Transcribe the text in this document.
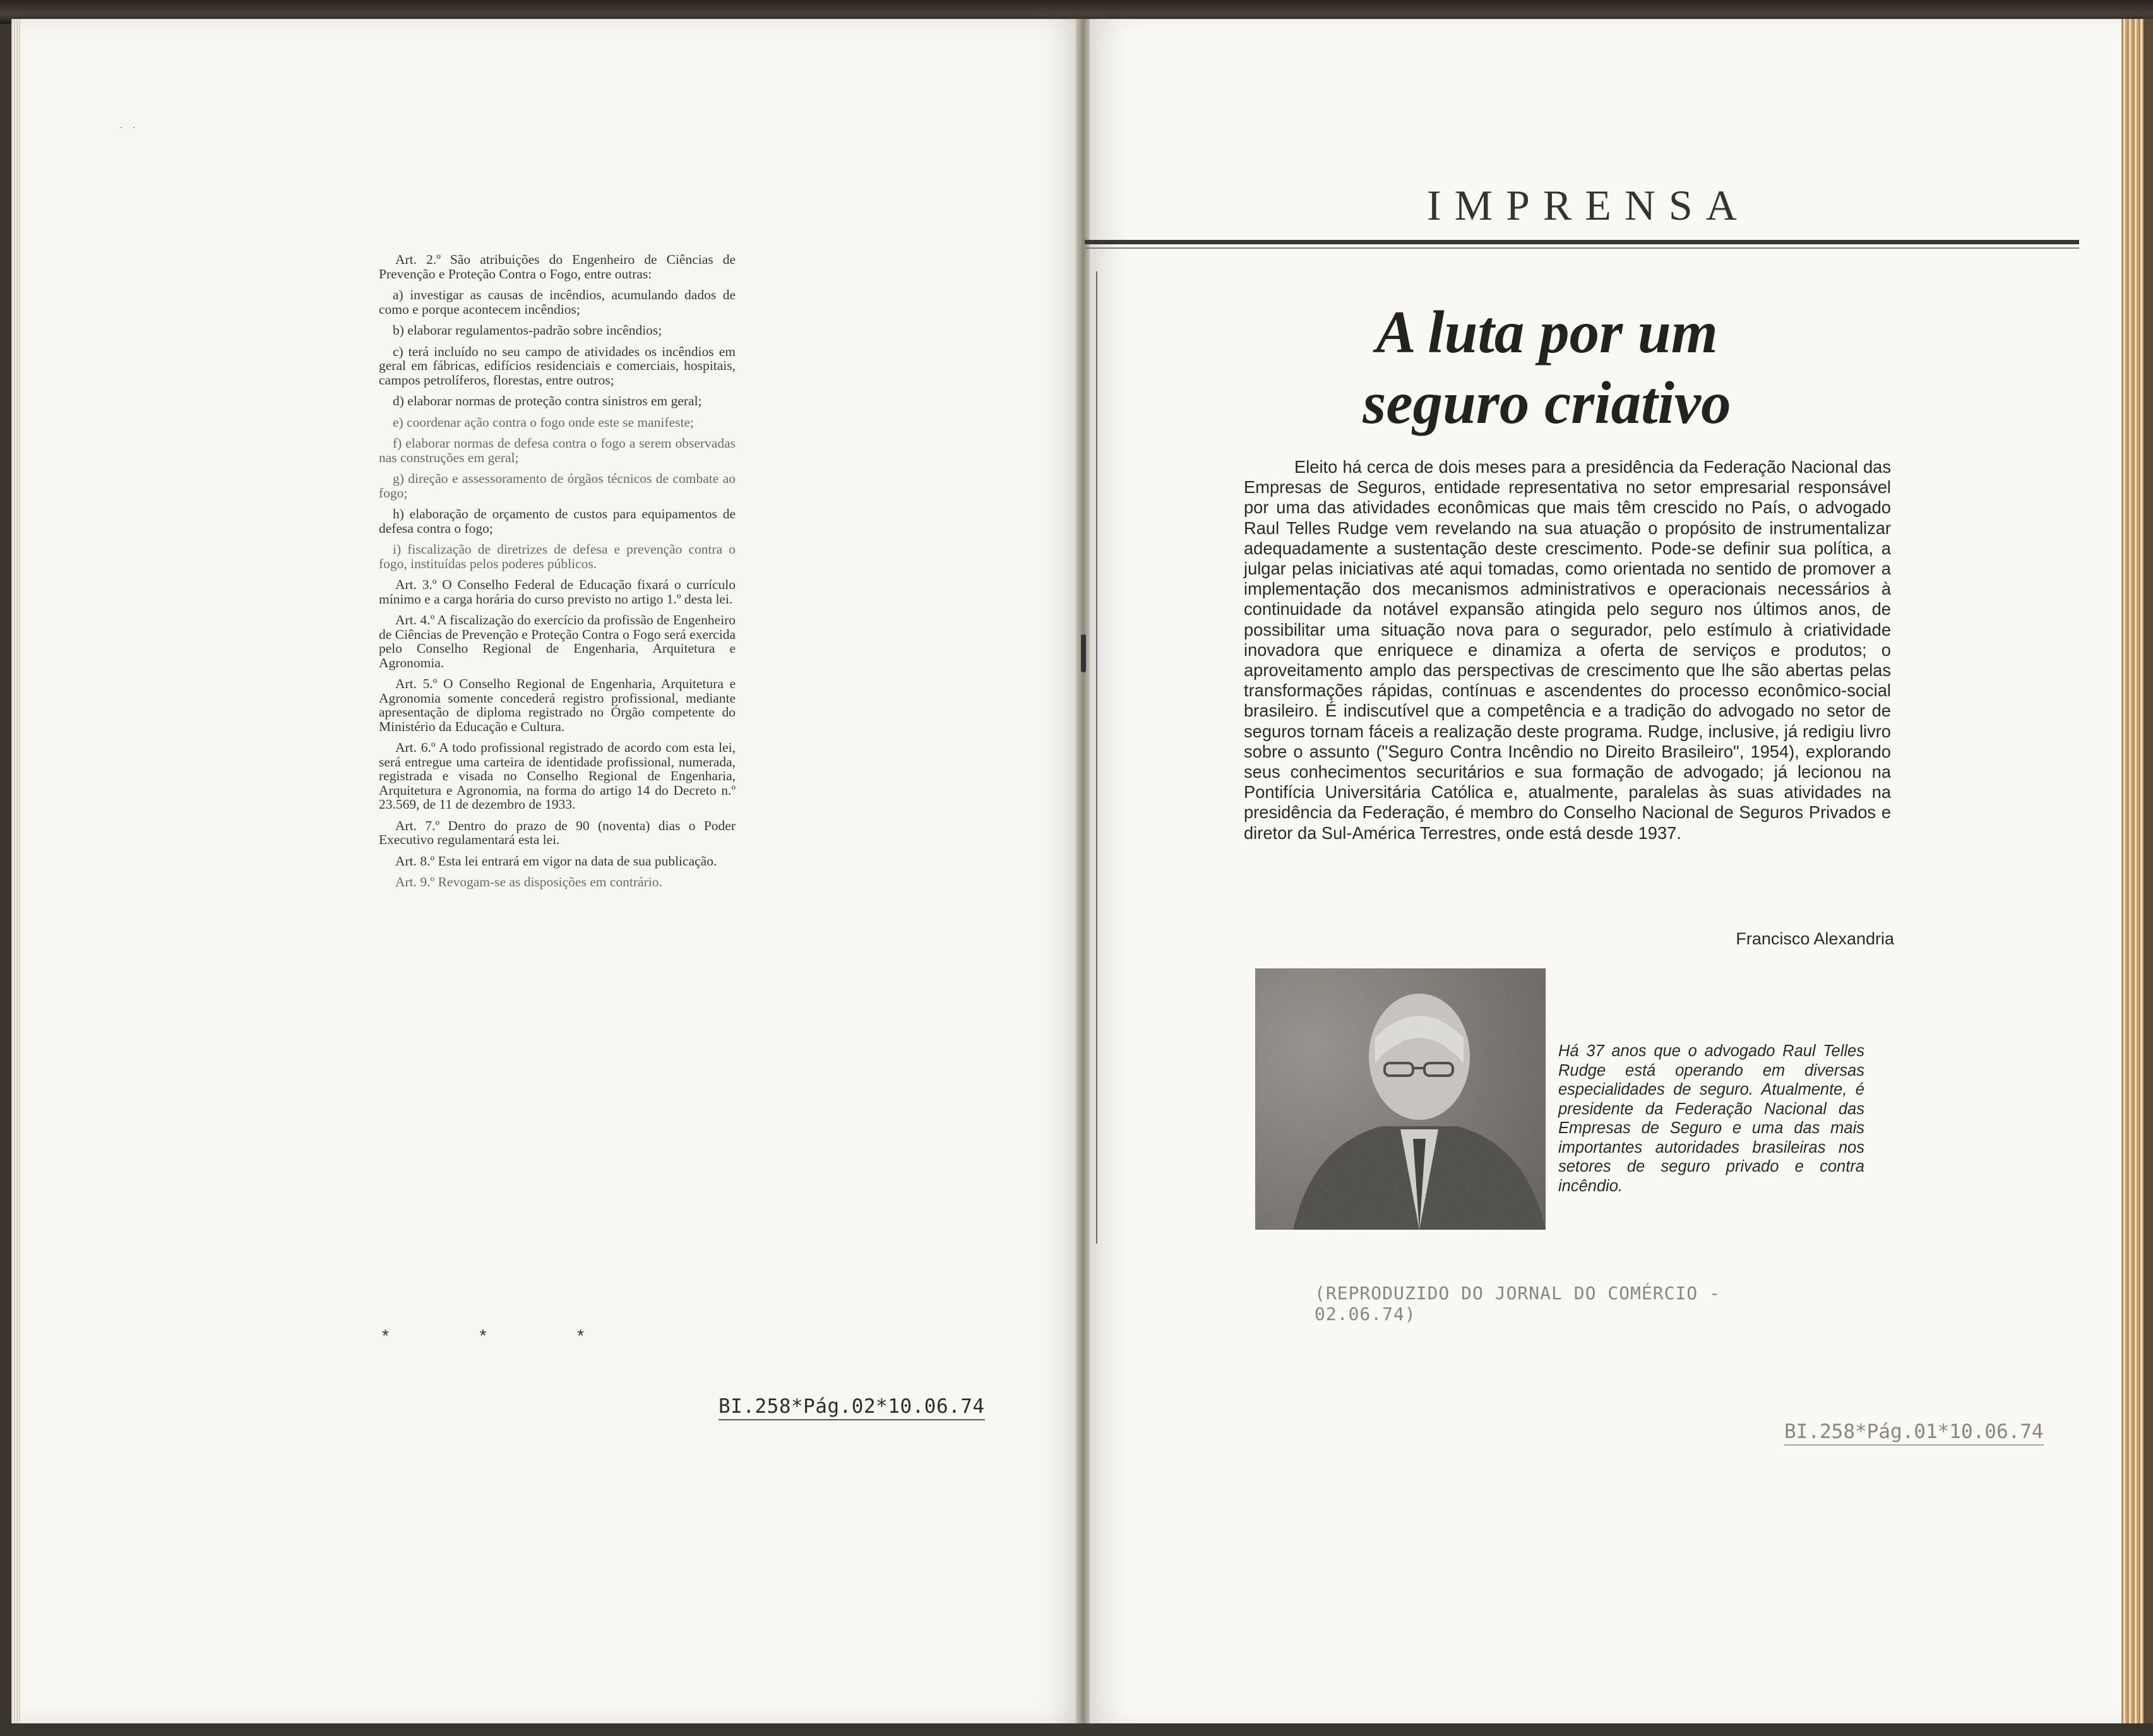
. .

Art. 2.º São atribuições do Engenheiro de Ciências de Prevenção e Proteção Contra o Fogo, entre outras:

a) investigar as causas de incêndios, acumulando dados de como e porque acontecem incêndios;

b) elaborar regulamentos-padrão sobre incêndios;

c) terá incluído no seu campo de atividades os incêndios em geral em fábricas, edifícios residenciais e comerciais, hospitais, campos petrolíferos, florestas, entre outros;

d) elaborar normas de proteção contra sinistros em geral;

e) coordenar ação contra o fogo onde este se manifeste;

f) elaborar normas de defesa contra o fogo a serem observadas nas construções em geral;

g) direção e assessoramento de órgãos técnicos de combate ao fogo;

h) elaboração de orçamento de custos para equipamentos de defesa contra o fogo;

i) fiscalização de diretrizes de defesa e prevenção contra o fogo, instituídas pelos poderes públicos.

Art. 3.º O Conselho Federal de Educação fixará o currículo mínimo e a carga horária do curso previsto no artigo 1.º desta lei.

Art. 4.º A fiscalização do exercício da profissão de Engenheiro de Ciências de Prevenção e Proteção Contra o Fogo será exercida pelo Conselho Regional de Engenharia, Arquitetura e Agronomia.

Art. 5.º O Conselho Regional de Engenharia, Arquitetura e Agronomia somente concederá registro profissional, mediante apresentação de diploma registrado no Órgão competente do Ministério da Educação e Cultura.

Art. 6.º A todo profissional registrado de acordo com esta lei, será entregue uma carteira de identidade profissional, numerada, registrada e visada no Conselho Regional de Engenharia, Arquitetura e Agronomia, na forma do artigo 14 do Decreto n.º 23.569, de 11 de dezembro de 1933.

Art. 7.º Dentro do prazo de 90 (noventa) dias o Poder Executivo regulamentará esta lei.

Art. 8.º Esta lei entrará em vigor na data de sua publicação.

Art. 9.º Revogam-se as disposições em contrário.

*	*	*
BI.258*Pág.02*10.06.74
IMPRENSA
A luta por um
seguro criativo

Eleito há cerca de dois meses para a presidência da Federação Nacional das Empresas de Seguros, entidade representativa no setor empresarial responsável por uma das atividades econômicas que mais têm crescido no País, o advogado Raul Telles Rudge vem revelando na sua atuação o propósito de instrumentalizar adequadamente a sustentação deste crescimento. Pode-se definir sua política, a julgar pelas iniciativas até aqui tomadas, como orientada no sentido de promover a implementação dos mecanismos administrativos e operacionais necessários à continuidade da notável expansão atingida pelo seguro nos últimos anos, de possibilitar uma situação nova para o segurador, pelo estímulo à criatividade inovadora que enriquece e dinamiza a oferta de serviços e produtos; o aproveitamento amplo das perspectivas de crescimento que lhe são abertas pelas transformações rápidas, contínuas e ascendentes do processo econômico-social brasileiro. É indiscutível que a competência e a tradição do advogado no setor de seguros tornam fáceis a realização deste programa. Rudge, inclusive, já redigiu livro sobre o assunto ("Seguro Contra Incêndio no Direito Brasileiro", 1954), explorando seus conhecimentos securitários e sua formação de advogado; já lecionou na Pontifícia Universitária Católica e, atualmente, paralelas às suas atividades na presidência da Federação, é membro do Conselho Nacional de Seguros Privados e diretor da Sul-América Terrestres, onde está desde 1937.

Francisco Alexandria
Há 37 anos que o advogado Raul Telles Rudge está operando em diversas especialidades de seguro. Atualmente, é presidente da Federação Nacional das Empresas de Seguro e uma das mais importantes autoridades brasileiras nos setores de seguro privado e contra incêndio.
(REPRODUZIDO DO JORNAL DO COMÉRCIO - 02.06.74)
BI.258*Pág.01*10.06.74
